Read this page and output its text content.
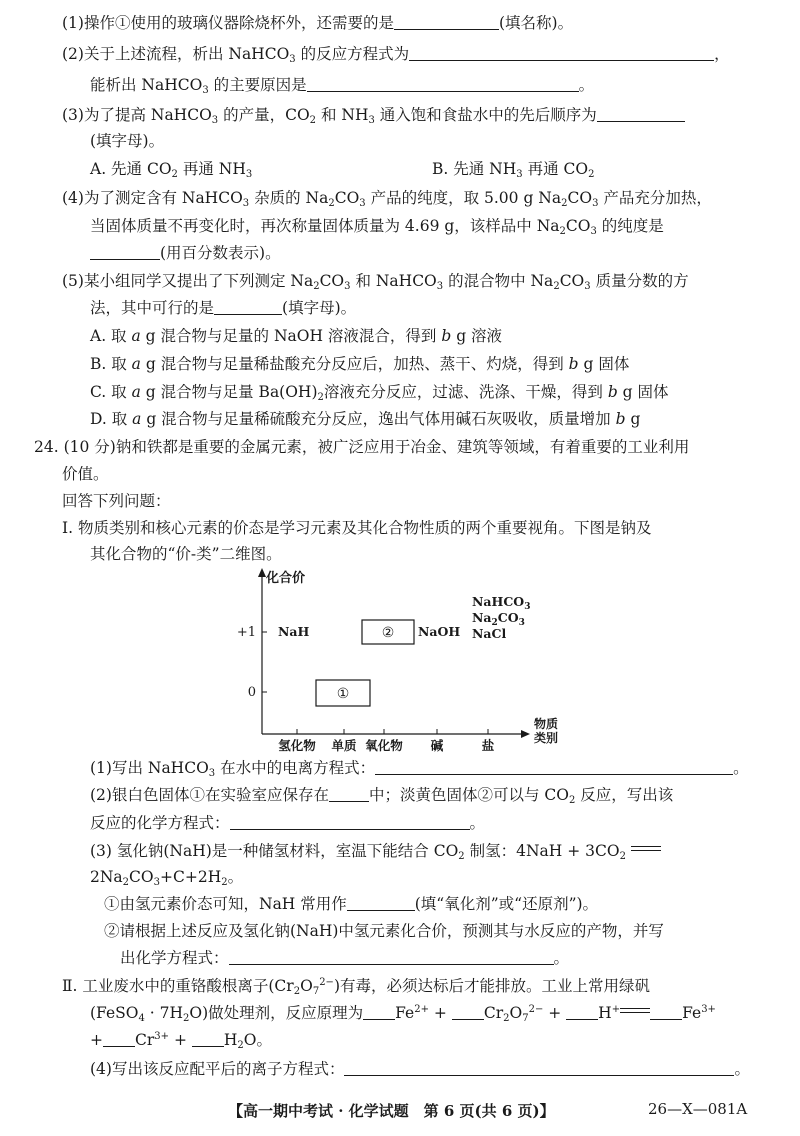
(1)操作①使用的玻璃仪器除烧杯外，还需要的是	(填名称)。
(2)关于上述流程，析出 NaHCO$_3$ 的反应方程式为	，
能析出 NaHCO$_3$ 的主要原因是	。
(3)为了提高 NaHCO$_3$ 的产量，$CO_2$ 和 $NH_3$ 通入饱和食盐水中的先后顺序为
(填字母)。
A. 先通 $CO_2$ 再通 $NH_3$	B. 先通 $NH_3$ 再通 $CO_2$
(4)为了测定含有 NaHCO$_3$ 杂质的 $Na_2CO_3$ 产品的纯度，取 5.00 g $Na_2CO_3$ 产品充分加热，
当固体质量不再变化时，再次称量固体质量为 4.69 g，该样品中 $Na_2CO_3$ 的纯度是
(用百分数表示)。
(5)某小组同学又提出了下列测定 $Na_2CO_3$ 和 NaHCO$_3$ 的混合物中 $Na_2CO_3$ 质量分数的方
法，其中可行的是	(填字母)。
A. 取 a g 混合物与足量的 NaOH 溶液混合，得到 b g 溶液
B. 取 a g 混合物与足量稀盐酸充分反应后，加热、蒸干、灼烧，得到 b g 固体
C. 取 a g 混合物与足量 $Ba(OH)_2$溶液充分反应，过滤、洗涤、干燥，得到 b g 固体
D. 取 a g 混合物与足量稀硫酸充分反应，逸出气体用碱石灰吸收，质量增加 b g
24. (10 分)钠和铁都是重要的金属元素，被广泛应用于冶金、建筑等领域，有着重要的工业利用
价值。
回答下列问题：
Ⅰ. 物质类别和核心元素的价态是学习元素及其化合物性质的两个重要视角。下图是钠及
其化合物的“价-类”二维图。
化合价
+1
0
NaH	② NaOH
NaHCO$_3$
$Na_2CO_3$
NaCl
①
氢化物 单质 氧化物 碱	盐
物质
类别
(1)写出 NaHCO$_3$ 在水中的电离方程式：	。
(2)银白色固体①在实验室应保存在	中；淡黄色固体②可以与 $CO_2$ 反应，写出该
反应的化学方程式：	。
(3) 氢化钠(NaH)是一种储氢材料，室温下能结合 $CO_2$ 制氢：$4NaH + 3CO_2$
$2Na_2CO_3+C+2H_2$。
①由氢元素价态可知，NaH 常用作	(填“氧化剂”或“还原剂”)。
②请根据上述反应及氢化钠(NaH)中氢元素化合价，预测其与水反应的产物，并写
出化学方程式：	。
Ⅱ. 工业废水中的重铬酸根离子$(Cr_2O_7^{2-})$有毒，必须达标后才能排放。工业上常用绿矾
(FeSO$_4$ · $7H_2O$)做处理剂，反应原理为 $Fe^{2+} + Cr_2O_7^{2-} + H^+$	$Fe^{3+}$
+ $Cr^{3+} + H_2O$。
(4)写出该反应配平后的离子方程式：	。
【高一期中考试 · 化学试题　第 6 页(共 6 页)】	26—X—081A
